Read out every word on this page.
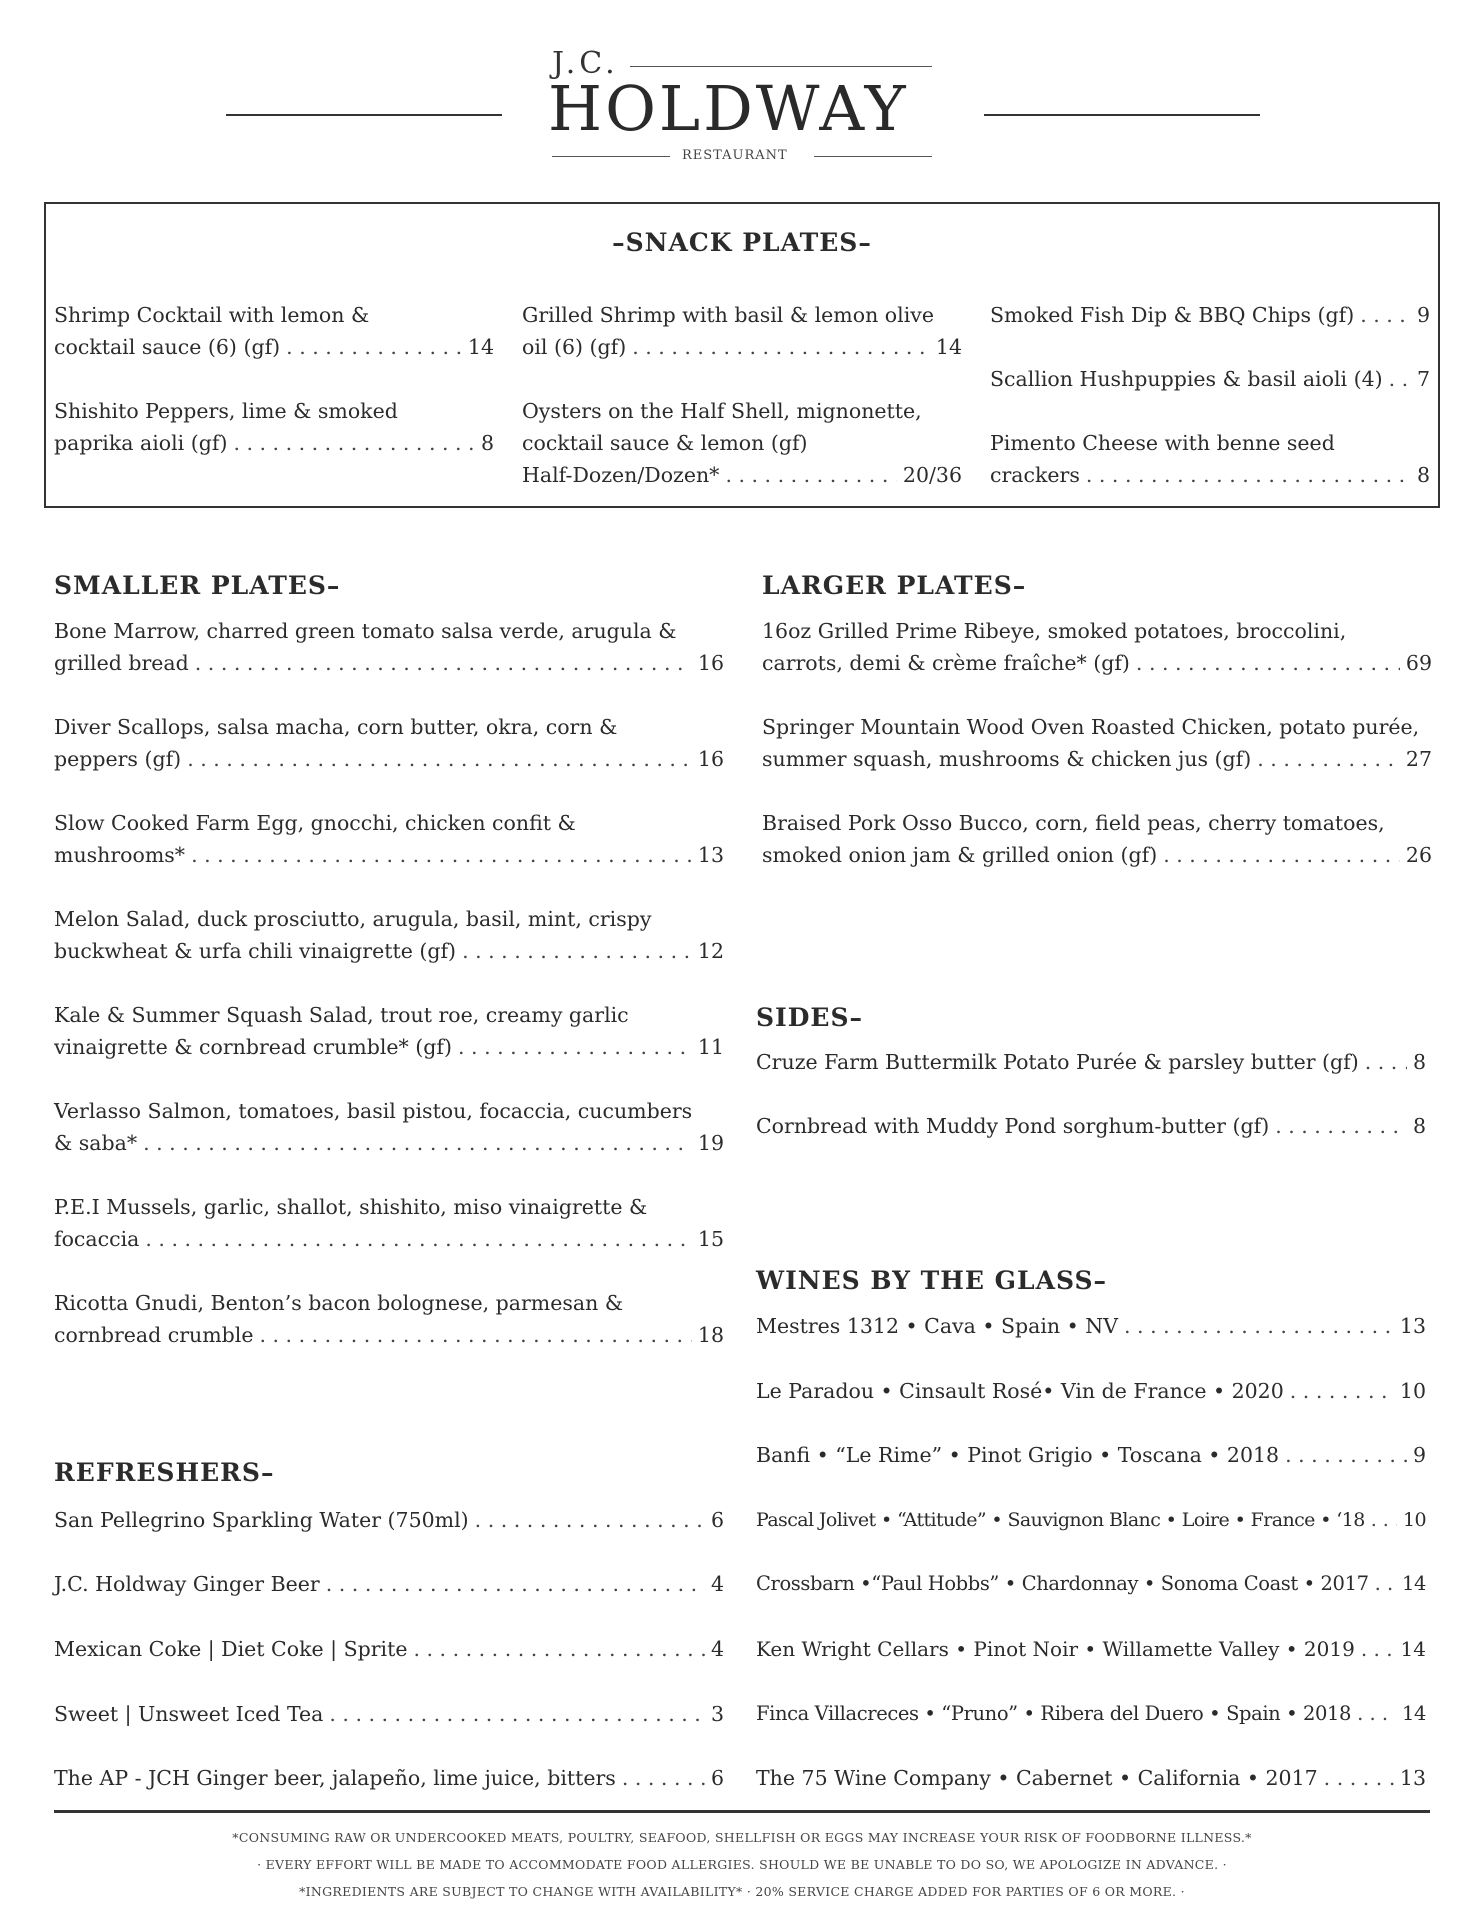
J.C.
HOLDWAY
RESTAURANT
–SNACK PLATES–
Shrimp Cocktail with lemon &
cocktail sauce (6) (gf) . . .	14
Shishito Peppers, lime & smoked
paprika aioli (gf) . . .	8
Grilled Shrimp with basil & lemon olive
oil (6) (gf) . . .	14
Oysters on the Half Shell, mignonette,
cocktail sauce & lemon (gf)
Half-Dozen/Dozen* . . .	20/36
Smoked Fish Dip & BBQ Chips (gf) . . .	9
Scallion Hushpuppies & basil aioli (4) . . . 7
Pimento Cheese with benne seed
crackers . . .	8
SMALLER PLATES–
Bone Marrow, charred green tomato salsa verde, arugula &
grilled bread . . .	16
Diver Scallops, salsa macha, corn butter, okra, corn &
peppers (gf) . . .	16
Slow Cooked Farm Egg, gnocchi, chicken confit &
mushrooms* . . .	13
Melon Salad, duck prosciutto, arugula, basil, mint, crispy
buckwheat & urfa chili vinaigrette (gf) . . .	12
Kale & Summer Squash Salad, trout roe, creamy garlic
vinaigrette & cornbread crumble* (gf) . . .	11
Verlasso Salmon, tomatoes, basil pistou, focaccia, cucumbers
& saba* . . .	19
P.E.I Mussels, garlic, shallot, shishito, miso vinaigrette &
focaccia . . .	15
Ricotta Gnudi, Benton’s bacon bolognese, parmesan &
cornbread crumble . . .	18
REFRESHERS–
San Pellegrino Sparkling Water (750ml) . . .	6
J.C. Holdway Ginger Beer . . .	4
Mexican Coke | Diet Coke | Sprite . . .	4
Sweet | Unsweet Iced Tea . . .	3
The AP - JCH Ginger beer, jalapeño, lime juice, bitters . . .	6
LARGER PLATES–
16oz Grilled Prime Ribeye, smoked potatoes, broccolini,
carrots, demi & crème fraîche* (gf) . . .	69
Springer Mountain Wood Oven Roasted Chicken, potato purée,
summer squash, mushrooms & chicken jus (gf) . . .	27
Braised Pork Osso Bucco, corn, field peas, cherry tomatoes,
smoked onion jam & grilled onion (gf) . . .	26
SIDES–
Cruze Farm Buttermilk Potato Purée & parsley butter (gf) . . .	8
Cornbread with Muddy Pond sorghum-butter (gf) . . .	8
WINES BY THE GLASS–
Mestres 1312 • Cava • Spain • NV . . .	13
Le Paradou • Cinsault Rosé• Vin de France • 2020 . . .	10
Banfi • “Le Rime” • Pinot Grigio • Toscana • 2018 . . .	9
Pascal Jolivet • “Attitude” • Sauvignon Blanc • Loire • France • ‘18 . . . 10
Crossbarn •“Paul Hobbs” • Chardonnay • Sonoma Coast • 2017 . . . 14
Ken Wright Cellars • Pinot Noir • Willamette Valley • 2019 . . . 14
Finca Villacreces • “Pruno” • Ribera del Duero • Spain • 2018 . . .	14
The 75 Wine Company • Cabernet • California • 2017 . . .	13
*CONSUMING RAW OR UNDERCOOKED MEATS, POULTRY, SEAFOOD, SHELLFISH OR EGGS MAY INCREASE YOUR RISK OF FOODBORNE ILLNESS.*
· EVERY EFFORT WILL BE MADE TO ACCOMMODATE FOOD ALLERGIES. SHOULD WE BE UNABLE TO DO SO, WE APOLOGIZE IN ADVANCE. ·
*INGREDIENTS ARE SUBJECT TO CHANGE WITH AVAILABILITY* · 20% SERVICE CHARGE ADDED FOR PARTIES OF 6 OR MORE. ·
